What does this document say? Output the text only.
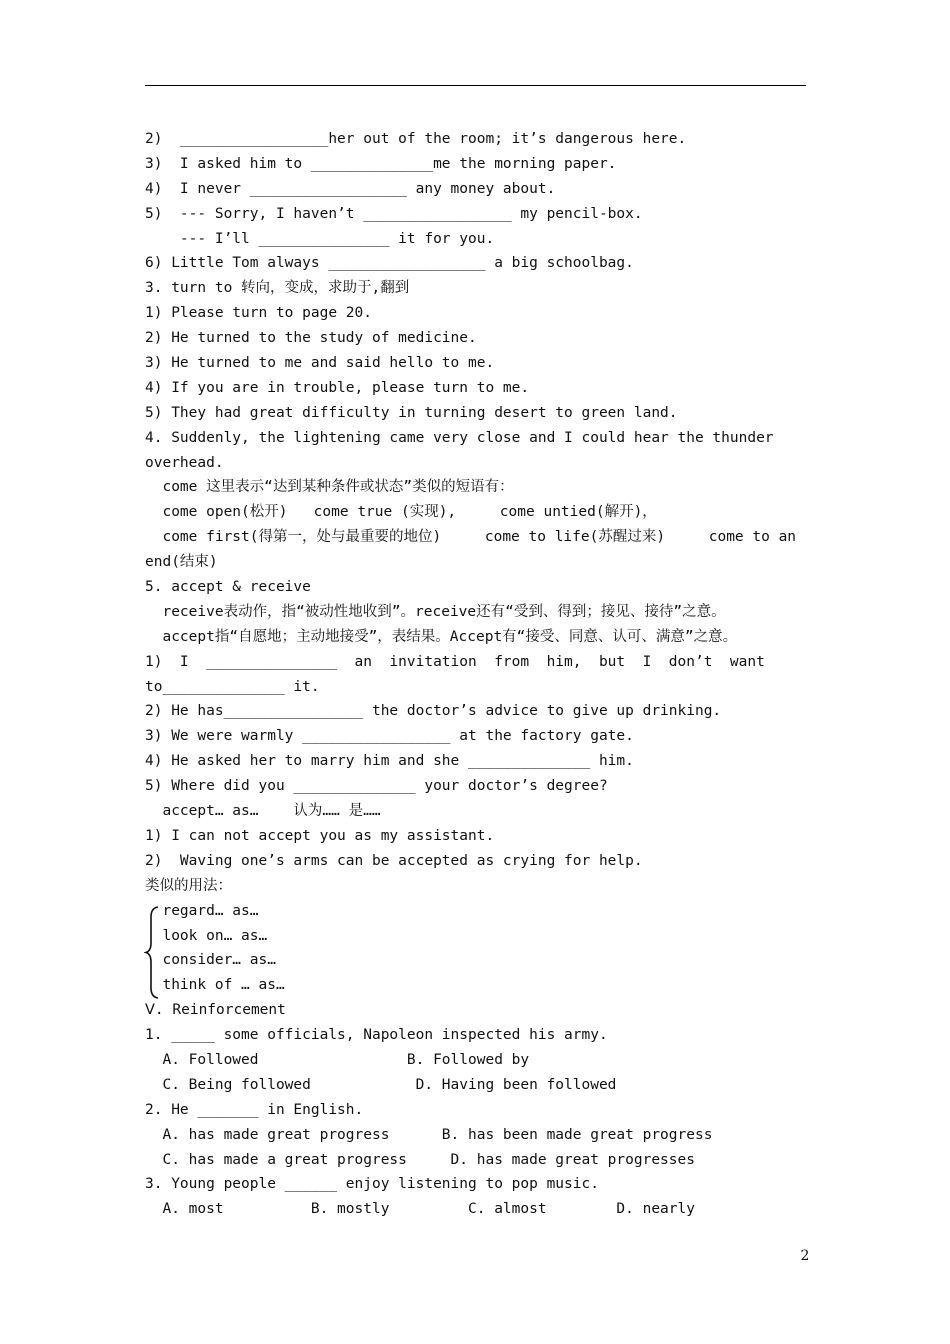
2)  _________________her out of the room; it’s dangerous here.
3)  I asked him to ______________me the morning paper.
4)  I never __________________ any money about.
5)  --- Sorry, I haven’t _________________ my pencil-box.
--- I’ll _______________ it for you.
6) Little Tom always __________________ a big schoolbag.
3. turn to 转向，变成，求助于,翻到
1) Please turn to page 20.
2) He turned to the study of medicine.
3) He turned to me and said hello to me.
4) If you are in trouble, please turn to me.
5) They had great difficulty in turning desert to green land.
4. Suddenly, the lightening came very close and I could hear the thunder
overhead.
come 这里表示“达到某种条件或状态”类似的短语有：
come open(松开)   come true (实现),     come untied(解开)，
come first(得第一，处与最重要的地位)     come to life(苏醒过来)     come to an
end(结束)
5. accept & receive
receive表动作，指“被动性地收到”。receive还有“受到、得到；接见、接待”之意。
accept指“自愿地；主动地接受”，表结果。Accept有“接受、同意、认可、满意”之意。
1)  I  _______________  an  invitation  from  him,  but  I  don’t  want
to______________ it.
2) He has________________ the doctor’s advice to give up drinking.
3) We were warmly _________________ at the factory gate.
4) He asked her to marry him and she ______________ him.
5) Where did you ______________ your doctor’s degree?
accept… as…    认为…… 是……
1) I can not accept you as my assistant.
2)  Waving one’s arms can be accepted as crying for help.
类似的用法：
regard… as…
look on… as…
consider… as…
think of … as…
Ⅴ. Reinforcement
1. _____ some officials, Napoleon inspected his army.
A. Followed                 B. Followed by
C. Being followed            D. Having been followed
2. He _______ in English.
A. has made great progress      B. has been made great progress
C. has made a great progress     D. has made great progresses
3. Young people ______ enjoy listening to pop music.
A. most          B. mostly         C. almost        D. nearly
2
